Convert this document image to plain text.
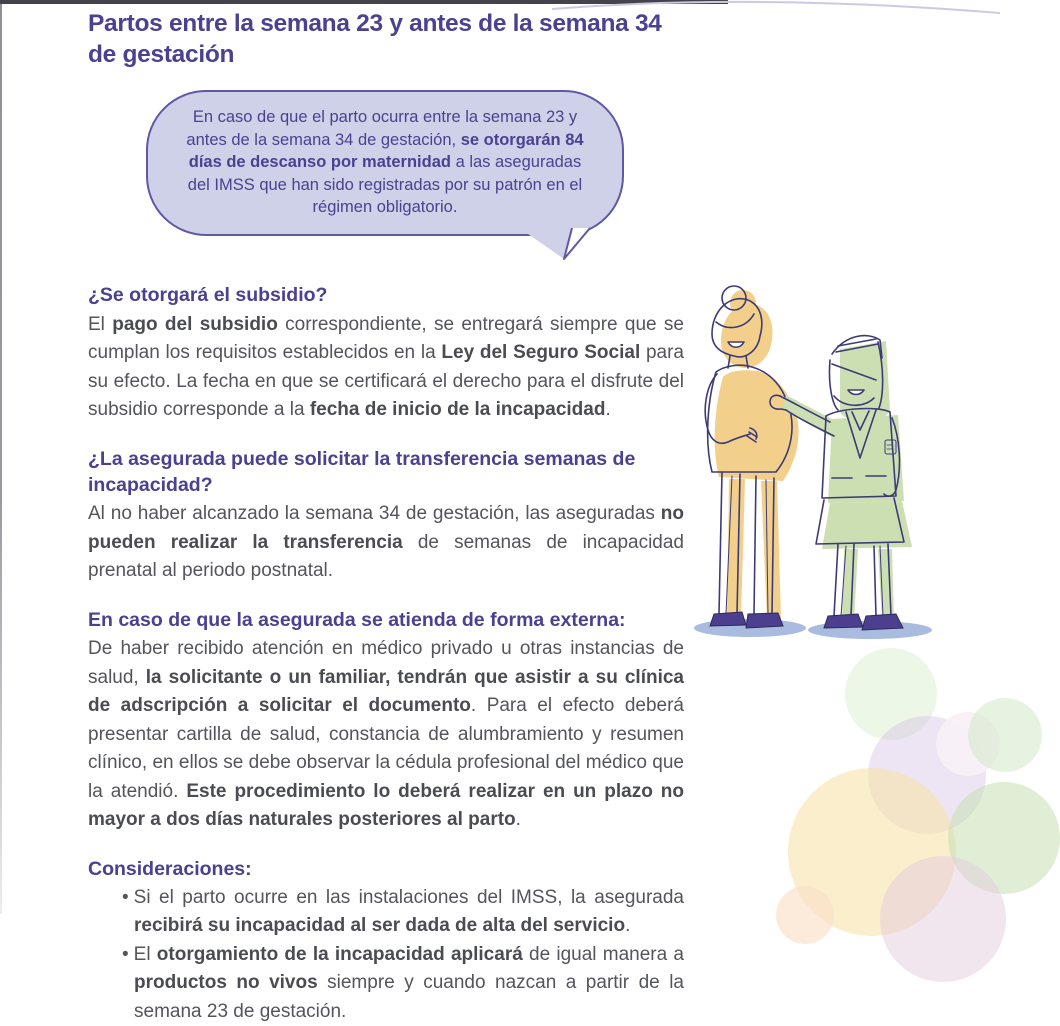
Partos entre la semana 23 y antes de la semana 34 de gestación
En caso de que el parto ocurra entre la semana 23 y antes de la semana 34 de gestación, se otorgarán 84 días de descanso por maternidad a las aseguradas del IMSS que han sido registradas por su patrón en el régimen obligatorio.
¿Se otorgará el subsidio?

El pago del subsidio correspondiente, se entregará siempre que se cumplan los requisitos establecidos en la Ley del Seguro Social para su efecto. La fecha en que se certificará el derecho para el disfrute del subsidio corresponde a la fecha de inicio de la incapacidad.

¿La asegurada puede solicitar la transferencia semanas de incapacidad?

Al no haber alcanzado la semana 34 de gestación, las aseguradas no pueden realizar la transferencia de semanas de incapacidad prenatal al periodo postnatal.

En caso de que la asegurada se atienda de forma externa:

De haber recibido atención en médico privado u otras instancias de salud, la solicitante o un familiar, tendrán que asistir a su clínica de adscripción a solicitar el documento. Para el efecto deberá presentar cartilla de salud, constancia de alumbramiento y resumen clínico, en ellos se debe observar la cédula profesional del médico que la atendió. Este procedimiento lo deberá realizar en un plazo no mayor a dos días naturales posteriores al parto.

Consideraciones:
• Si el parto ocurre en las instalaciones del IMSS, la asegurada recibirá su incapacidad al ser dada de alta del servicio.
• El otorgamiento de la incapacidad aplicará de igual manera a productos no vivos siempre y cuando nazcan a partir de la semana 23 de gestación.
